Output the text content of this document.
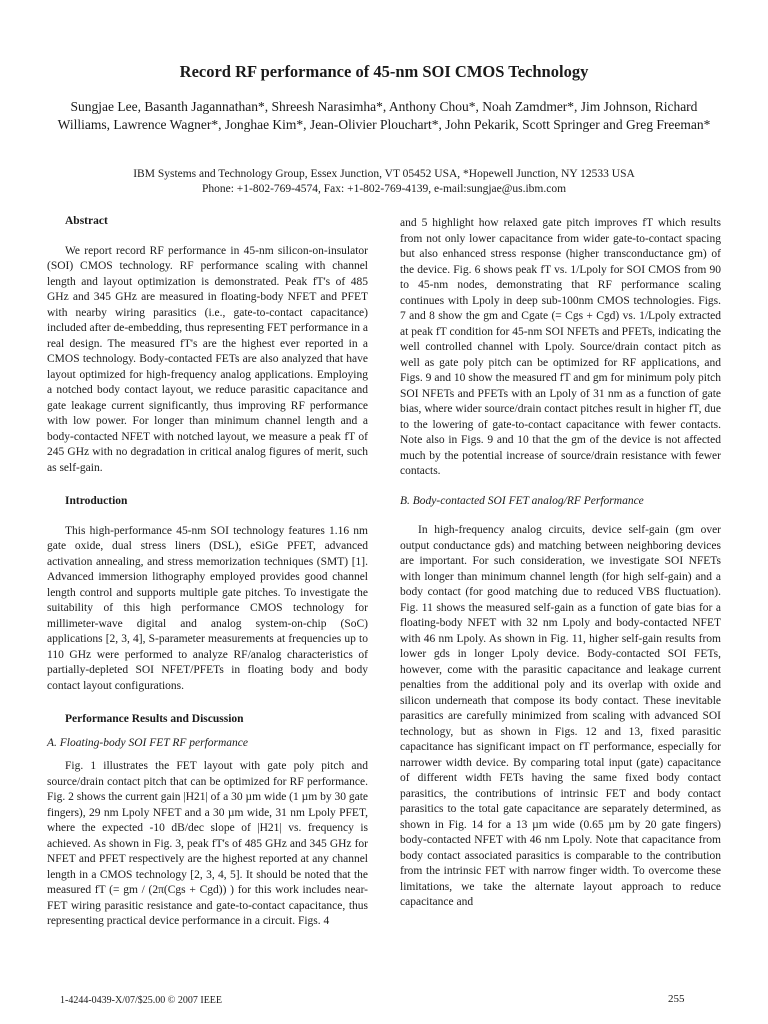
Record RF performance of 45-nm SOI CMOS Technology
Sungjae Lee, Basanth Jagannathan*, Shreesh Narasimha*, Anthony Chou*, Noah Zamdmer*, Jim Johnson, Richard Williams, Lawrence Wagner*, Jonghae Kim*, Jean-Olivier Plouchart*, John Pekarik, Scott Springer and Greg Freeman*
IBM Systems and Technology Group, Essex Junction, VT 05452 USA, *Hopewell Junction, NY 12533 USA
Phone: +1-802-769-4574, Fax: +1-802-769-4139, e-mail:sungjae@us.ibm.com

Abstract

We report record RF performance in 45-nm silicon-on-insulator (SOI) CMOS technology. RF performance scaling with channel length and layout optimization is demonstrated. Peak fT's of 485 GHz and 345 GHz are measured in floating-body NFET and PFET with nearby wiring parasitics (i.e., gate-to-contact capacitance) included after de-embedding, thus representing FET performance in a real design. The measured fT's are the highest ever reported in a CMOS technology. Body-contacted FETs are also analyzed that have layout optimized for high-frequency analog applications. Employing a notched body contact layout, we reduce parasitic capacitance and gate leakage current significantly, thus improving RF performance with low power. For longer than minimum channel length and a body-contacted NFET with notched layout, we measure a peak fT of 245 GHz with no degradation in critical analog figures of merit, such as self-gain.

Introduction

This high-performance 45-nm SOI technology features 1.16 nm gate oxide, dual stress liners (DSL), eSiGe PFET, advanced activation annealing, and stress memorization techniques (SMT) [1]. Advanced immersion lithography employed provides good channel length control and supports multiple gate pitches. To investigate the suitability of this high performance CMOS technology for millimeter-wave digital and analog system-on-chip (SoC) applications [2, 3, 4], S-parameter measurements at frequencies up to 110 GHz were performed to analyze RF/analog characteristics of partially-depleted SOI NFET/PFETs in floating body and body contact layout configurations.

Performance Results and Discussion

A. Floating-body SOI FET RF performance

Fig. 1 illustrates the FET layout with gate poly pitch and source/drain contact pitch that can be optimized for RF performance. Fig. 2 shows the current gain |H21| of a 30 µm wide (1 µm by 30 gate fingers), 29 nm Lpoly NFET and a 30 µm wide, 31 nm Lpoly PFET, where the expected -10 dB/dec slope of |H21| vs. frequency is achieved. As shown in Fig. 3, peak fT's of 485 GHz and 345 GHz for NFET and PFET respectively are the highest reported at any channel length in a CMOS technology [2, 3, 4, 5]. It should be noted that the measured fT (= gm / (2π(Cgs + Cgd)) ) for this work includes near-FET wiring parasitic resistance and gate-to-contact capacitance, thus representing practical device performance in a circuit. Figs. 4

and 5 highlight how relaxed gate pitch improves fT which results from not only lower capacitance from wider gate-to-contact spacing but also enhanced stress response (higher transconductance gm) of the device. Fig. 6 shows peak fT vs. 1/Lpoly for SOI CMOS from 90 to 45-nm nodes, demonstrating that RF performance scaling continues with Lpoly in deep sub-100nm CMOS technologies. Figs. 7 and 8 show the gm and Cgate (= Cgs + Cgd) vs. 1/Lpoly extracted at peak fT condition for 45-nm SOI NFETs and PFETs, indicating the well controlled channel with Lpoly. Source/drain contact pitch as well as gate poly pitch can be optimized for RF applications, and Figs. 9 and 10 show the measured fT and gm for minimum poly pitch SOI NFETs and PFETs with an Lpoly of 31 nm as a function of gate bias, where wider source/drain contact pitches result in higher fT, due to the lowering of gate-to-contact capacitance with fewer contacts. Note also in Figs. 9 and 10 that the gm of the device is not affected much by the potential increase of source/drain resistance with fewer contacts.

B. Body-contacted SOI FET analog/RF Performance

In high-frequency analog circuits, device self-gain (gm over output conductance gds) and matching between neighboring devices are important. For such consideration, we investigate SOI NFETs with longer than minimum channel length (for high self-gain) and a body contact (for good matching due to reduced VBS fluctuation). Fig. 11 shows the measured self-gain as a function of gate bias for a floating-body NFET with 32 nm Lpoly and body-contacted NFET with 46 nm Lpoly. As shown in Fig. 11, higher self-gain results from lower gds in longer Lpoly device. Body-contacted SOI FETs, however, come with the parasitic capacitance and leakage current penalties from the additional poly and its overlap with oxide and silicon underneath that compose its body contact. These inevitable parasitics are carefully minimized from scaling with advanced SOI technology, but as shown in Figs. 12 and 13, fixed parasitic capacitance has significant impact on fT performance, especially for narrower width device. By comparing total input (gate) capacitance of different width FETs having the same fixed body contact parasitics, the contributions of intrinsic FET and body contact parasitics to the total gate capacitance are separately determined, as shown in Fig. 14 for a 13 µm wide (0.65 µm by 20 gate fingers) body-contacted NFET with 46 nm Lpoly. Note that capacitance from body contact associated parasitics is comparable to the contribution from the intrinsic FET with narrow finger width. To overcome these limitations, we take the alternate layout approach to reduce capacitance and

1-4244-0439-X/07/$25.00 © 2007 IEEE	255
